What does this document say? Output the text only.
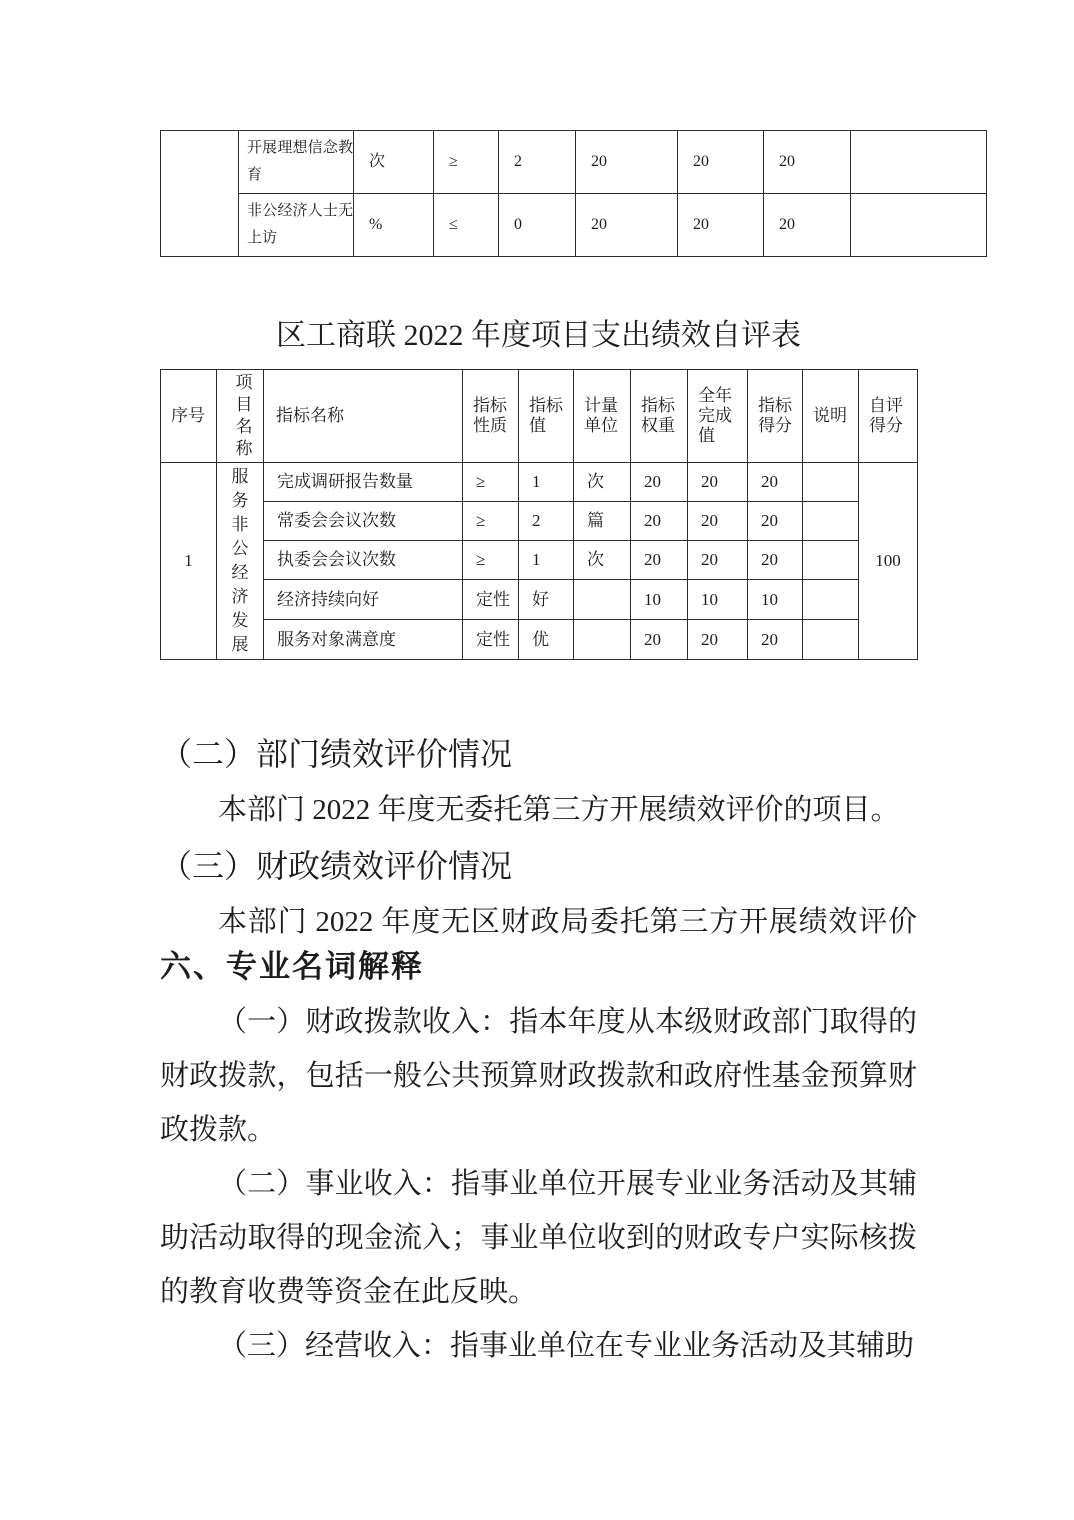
	开展理想信念教育	次	≥	2	20	20	20	
	非公经济人士无上访	%	≤	0	20	20	20	
区工商联 2022 年度项目支出绩效自评表
序号	项目名称	指标名称	指标性质	指标值	计量单位	指标权重	全年完成值	指标得分	说明	自评得分
1	服务非公经济发展	完成调研报告数量	≥	1	次	20	20	20		100
		常委会会议次数	≥	2	篇	20	20	20		
		执委会会议次数	≥	1	次	20	20	20		
		经济持续向好	定性	好		10	10	10		
		服务对象满意度	定性	优		20	20	20		
（二）部门绩效评价情况
本部门 2022 年度无委托第三方开展绩效评价的项目。
（三）财政绩效评价情况
本部门 2022 年度无区财政局委托第三方开展绩效评价
六、专业名词解释

（一）财政拨款收入：指本年度从本级财政部门取得的财政拨款，包括一般公共预算财政拨款和政府性基金预算财政拨款。

（二）事业收入：指事业单位开展专业业务活动及其辅助活动取得的现金流入；事业单位收到的财政专户实际核拨的教育收费等资金在此反映。

（三）经营收入：指事业单位在专业业务活动及其辅助
